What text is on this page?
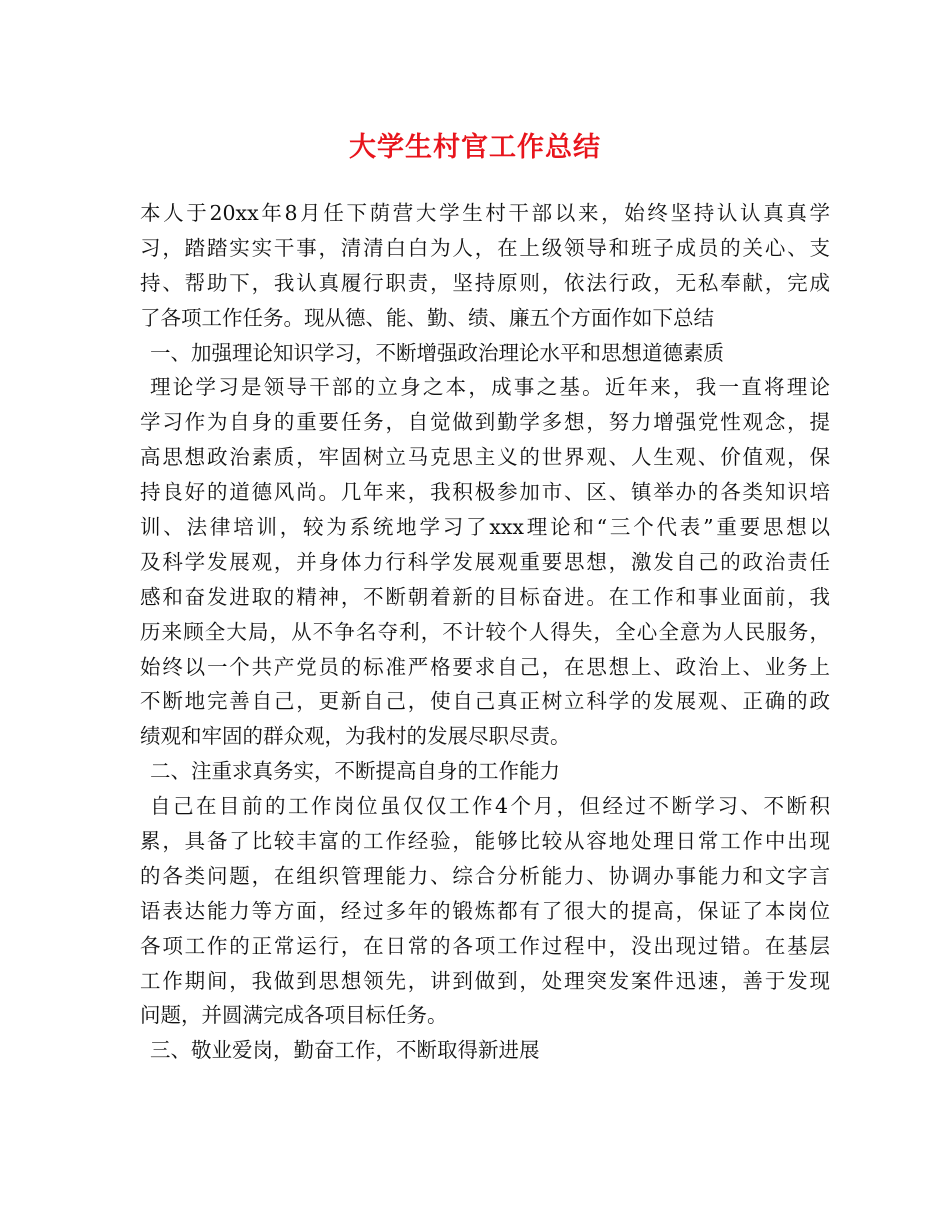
大学生村官工作总结
本人于20xx年8月任下荫营大学生村干部以来，始终坚持认认真真学
习，踏踏实实干事，清清白白为人，在上级领导和班子成员的关心、支
持、帮助下，我认真履行职责，坚持原则，依法行政，无私奉献，完成
了各项工作任务。现从德、能、勤、绩、廉五个方面作如下总结
一、加强理论知识学习，不断增强政治理论水平和思想道德素质
理论学习是领导干部的立身之本，成事之基。近年来，我一直将理论
学习作为自身的重要任务，自觉做到勤学多想，努力增强党性观念，提
高思想政治素质，牢固树立马克思主义的世界观、人生观、价值观，保
持良好的道德风尚。几年来，我积极参加市、区、镇举办的各类知识培
训、法律培训，较为系统地学习了xxx理论和“三个代表”重要思想以
及科学发展观，并身体力行科学发展观重要思想，激发自己的政治责任
感和奋发进取的精神，不断朝着新的目标奋进。在工作和事业面前，我
历来顾全大局，从不争名夺利，不计较个人得失，全心全意为人民服务，
始终以一个共产党员的标准严格要求自己，在思想上、政治上、业务上
不断地完善自己，更新自己，使自己真正树立科学的发展观、正确的政
绩观和牢固的群众观，为我村的发展尽职尽责。
二、注重求真务实，不断提高自身的工作能力
自己在目前的工作岗位虽仅仅工作4个月，但经过不断学习、不断积
累，具备了比较丰富的工作经验，能够比较从容地处理日常工作中出现
的各类问题，在组织管理能力、综合分析能力、协调办事能力和文字言
语表达能力等方面，经过多年的锻炼都有了很大的提高，保证了本岗位
各项工作的正常运行，在日常的各项工作过程中，没出现过错。在基层
工作期间，我做到思想领先，讲到做到，处理突发案件迅速，善于发现
问题，并圆满完成各项目标任务。
三、敬业爱岗，勤奋工作，不断取得新进展
